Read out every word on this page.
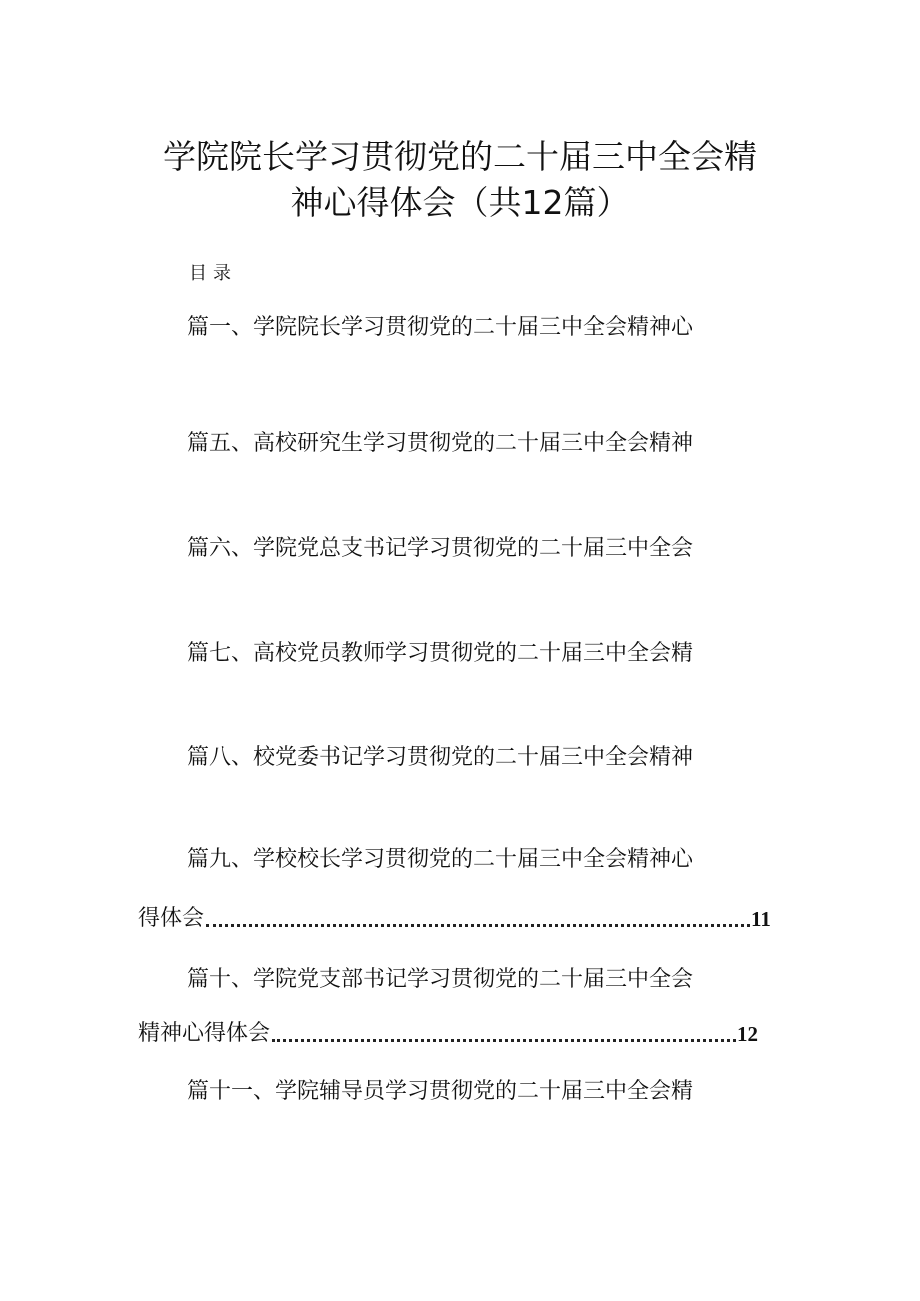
学院院长学习贯彻党的二十届三中全会精
神心得体会（共12篇）
目录
篇一、学院院长学习贯彻党的二十届三中全会精神心
篇五、高校研究生学习贯彻党的二十届三中全会精神
篇六、学院党总支书记学习贯彻党的二十届三中全会
篇七、高校党员教师学习贯彻党的二十届三中全会精
篇八、校党委书记学习贯彻党的二十届三中全会精神
篇九、学校校长学习贯彻党的二十届三中全会精神心
得体会	11
篇十、学院党支部书记学习贯彻党的二十届三中全会
精神心得体会	12
篇十一、学院辅导员学习贯彻党的二十届三中全会精
